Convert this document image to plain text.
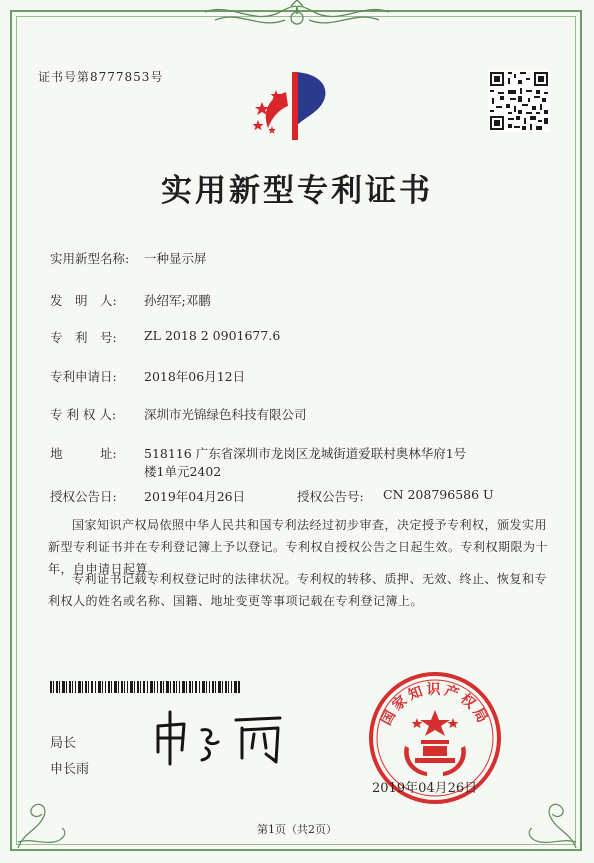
证书号第8777853号
实用新型专利证书
实用新型名称:	一种显示屏
发　明　人:	孙绍军;邓鹏
专　利　号:	ZL 2018 2 0901677.6
专利申请日:	2018年06月12日
专 利 权 人:	深圳市光锦绿色科技有限公司
地　　　址:	518116 广东省深圳市龙岗区龙城街道爱联村奥林华府1号
楼1单元2402
授权公告日:	2019年04月26日	授权公告号:	CN 208796586 U
国家知识产权局依照中华人民共和国专利法经过初步审查，决定授予专利权，颁发实用新型专利证书并在专利登记簿上予以登记。专利权自授权公告之日起生效。专利权期限为十年，自申请日起算。
专利证书记载专利权登记时的法律状况。专利权的转移、质押、无效、终止、恢复和专利权人的姓名或名称、国籍、地址变更等事项记载在专利登记簿上。
局长
申长雨
国家知识产权局
2019年04月26日
第1页（共2页）
